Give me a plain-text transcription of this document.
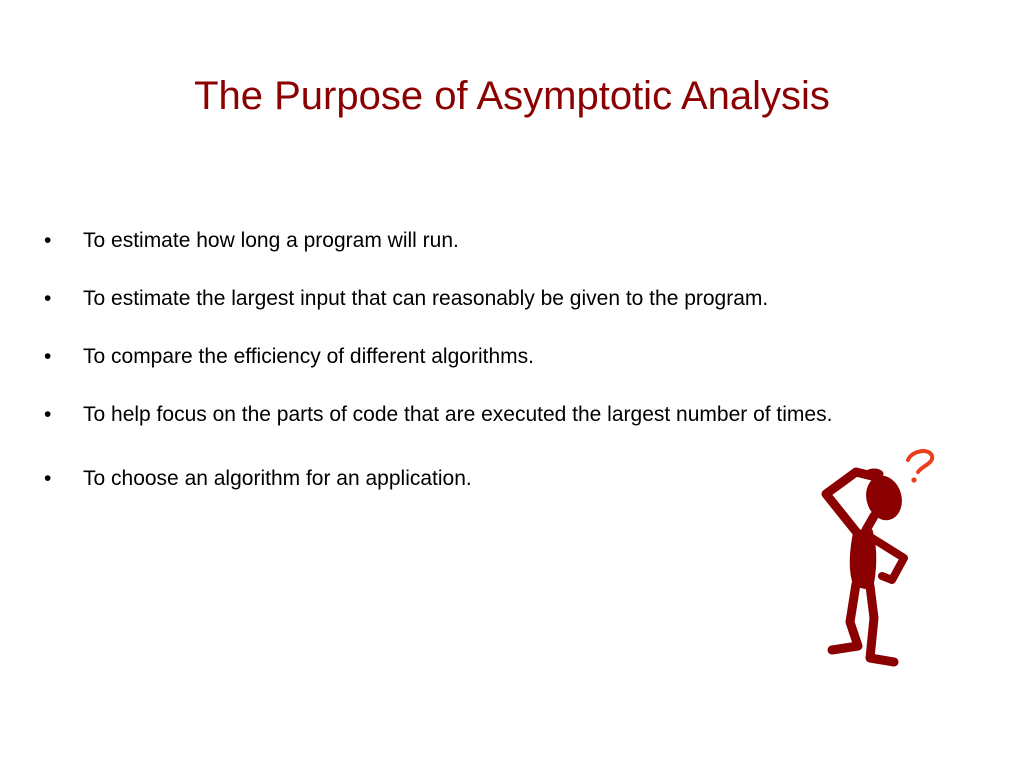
The Purpose of Asymptotic Analysis
• To estimate how long a program will run.
• To estimate the largest input that can reasonably be given to the program.
• To compare the efficiency of different algorithms.
• To help focus on the parts of code that are executed the largest number of times.
• To choose an algorithm for an application.
